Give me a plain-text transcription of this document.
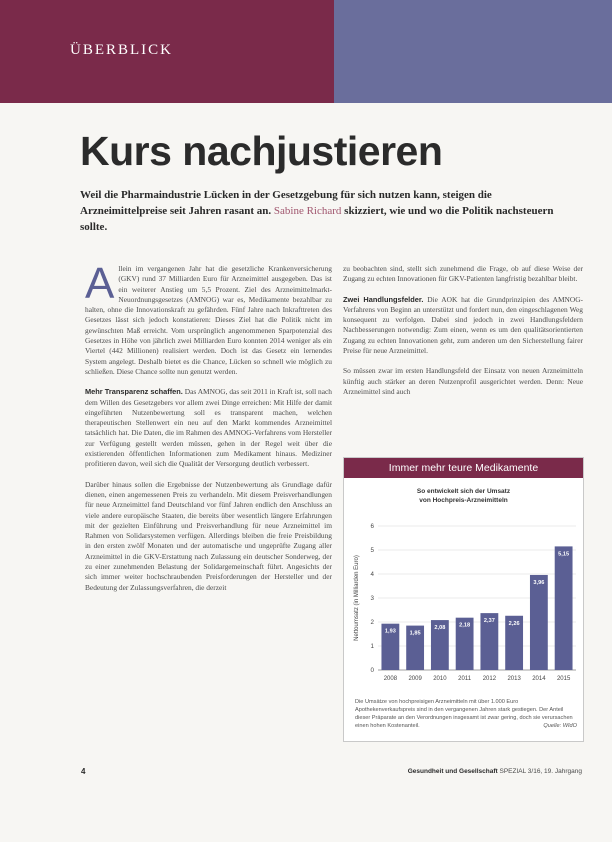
ÜBERBLICK
Kurs nachjustieren
Weil die Pharmaindustrie Lücken in der Gesetzgebung für sich nutzen kann, steigen die Arzneimittelpreise seit Jahren rasant an. Sabine Richard skizziert, wie und wo die Politik nachsteuern sollte.

Allein im vergangenen Jahr hat die gesetzliche Krankenversicherung (GKV) rund 37 Milliarden Euro für Arzneimittel ausgegeben. Das ist ein weiterer Anstieg um 5,5 Prozent. Ziel des Arzneimittelmarkt-Neuordnungsgesetzes (AMNOG) war es, Medikamente bezahlbar zu halten, ohne die Innovationskraft zu gefährden. Fünf Jahre nach Inkrafttreten des Gesetzes lässt sich jedoch konstatieren: Dieses Ziel hat die Politik nicht im gewünschten Maß erreicht. Vom ursprünglich angenommenen Sparpotenzial des Gesetzes in Höhe von jährlich zwei Milliarden Euro konnten 2014 weniger als ein Viertel (442 Millionen) realisiert werden. Doch ist das Gesetz ein lernendes System angelegt. Deshalb bietet es die Chance, Lücken so schnell wie möglich zu schließen. Diese Chance sollte nun genutzt werden.

Mehr Transparenz schaffen. Das AMNOG, das seit 2011 in Kraft ist, soll nach dem Willen des Gesetzgebers vor allem zwei Dinge erreichen: Mit Hilfe der damit eingeführten Nutzenbewertung soll es transparent machen, welchen therapeutischen Stellenwert ein neu auf den Markt kommendes Arzneimittel tatsächlich hat. Die Daten, die im Rahmen des AMNOG-Verfahrens vom Hersteller zur Verfügung gestellt werden müssen, gehen in der Regel weit über die existierenden öffentlichen Informationen zum Medikament hinaus. Mediziner profitieren davon, weil sich die Qualität der Versorgung deutlich verbessert.

Darüber hinaus sollen die Ergebnisse der Nutzenbewertung als Grundlage dafür dienen, einen angemessenen Preis zu verhandeln. Mit diesem Preisverhandlungen für neue Arzneimittel fand Deutschland vor fünf Jahren endlich den Anschluss an viele andere europäische Staaten, die bereits über wesentlich längere Erfahrungen mit der gezielten Einführung und Preisverhandlung für neue Arzneimittel im Rahmen von Solidarsystemen verfügen. Allerdings bleiben die freie Preisbildung in den ersten zwölf Monaten und der automatische und ungeprüfte Zugang aller Arzneimittel in die GKV-Erstattung nach Zulassung ein deutscher Sonderweg, der zu einer zunehmenden Belastung der Solidargemeinschaft führt. Angesichts der sich immer weiter hochschraubenden Preisforderungen der Hersteller und der Bedeutung der Zulassungsverfahren, die derzeit

zu beobachten sind, stellt sich zunehmend die Frage, ob auf diese Weise der Zugang zu echten Innovationen für GKV-Patienten langfristig bezahlbar bleibt.

Zwei Handlungsfelder. Die AOK hat die Grundprinzipien des AMNOG-Verfahrens von Beginn an unterstützt und fordert nun, den eingeschlagenen Weg konsequent zu verfolgen. Dabei sind jedoch in zwei Handlungsfeldern Nachbesserungen notwendig: Zum einen, wenn es um den qualitätsorientierten Zugang zu echten Innovationen geht, zum anderen um den Sicherstellung fairer Preise für neue Arzneimittel.

So müssen zwar im ersten Handlungsfeld der Einsatz von neuen Arzneimitteln künftig auch stärker an deren Nutzenprofil ausgerichtet werden. Denn: Neue Arzneimittel sind auch

Immer mehr teure Medikamente
So entwickelt sich der Umsatz
von Hochpreis-Arzneimitteln
0
1
2
3
4
5
6
1,93
2008
1,85
2009
2,08
2010
2,18
2011
2,37
2012
2,26
2013
3,96
2014
5,15
2015
Nettoumsatz (in Milliarden Euro)
Die Umsätze von hochpreisigen Arzneimitteln mit über 1.000 Euro Apothekenverkaufspreis sind in den vergangenen Jahren stark gestiegen. Der Anteil dieser Präparate an den Verordnungen insgesamt ist zwar gering, doch sie verursachen einen hohen Kostenanteil.	Quelle: WIdO
4	Gesundheit und Gesellschaft SPEZIAL 3/16, 19. Jahrgang
